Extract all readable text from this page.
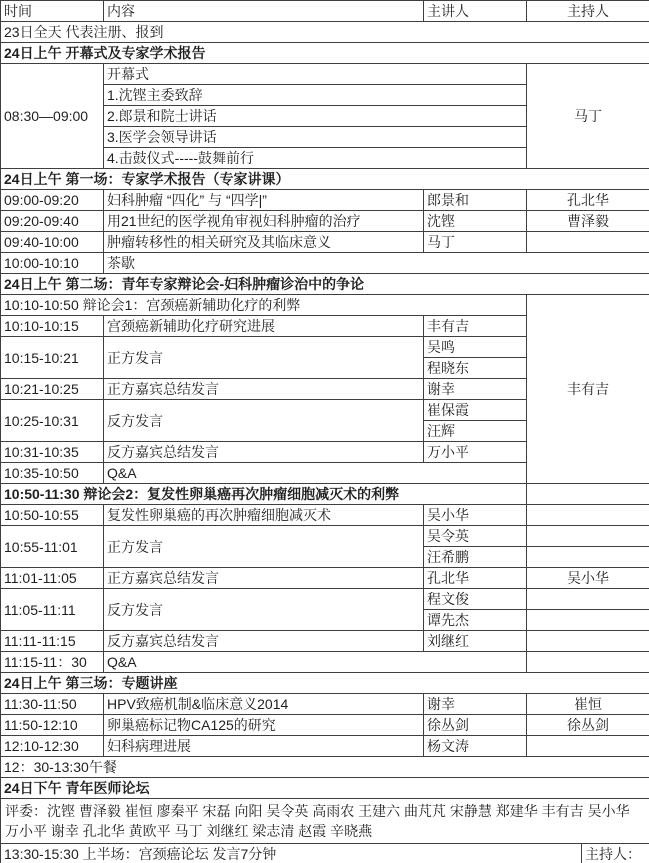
时间	内容	主讲人	主持人	
23日全天 代表注册、报到				
24日上午 开幕式及专家学术报告				
08:30—09:00	开幕式		马丁	
	1.沈铿主委致辞			
	2.郎景和院士讲话			
	3.医学会领导讲话			
	4.击鼓仪式-----鼓舞前行			
24日上午 第一场：专家学术报告（专家讲课）				
09:00-09:20	妇科肿瘤 “四化” 与 “四学|”	郎景和	孔北华	
09:20-09:40	用21世纪的医学视角审视妇科肿瘤的治疗	沈铿	曹泽毅	
09:40-10:00	肿瘤转移性的相关研究及其临床意义	马丁		
10:00-10:10	茶歇			
24日上午 第二场：青年专家辩论会-妇科肿瘤诊治中的争论				
10:10-10:50 辩论会1：宫颈癌新辅助化疗的利弊			丰有吉	
10:10-10:15	宫颈癌新辅助化疗研究进展	丰有吉		
10:15-10:21	正方发言	吴鸣		
		程晓东		
10:21-10:25	正方嘉宾总结发言	谢幸		
10:25-10:31	反方发言	崔保霞		
		汪辉		
10:31-10:35	反方嘉宾总结发言	万小平		
10:35-10:50	Q&A			
10:50-11:30 辩论会2：复发性卵巢癌再次肿瘤细胞减灭术的利弊				
10:50-10:55	复发性卵巢癌的再次肿瘤细胞减灭术	吴小华		
10:55-11:01	正方发言	吴令英		
		汪希鹏		
11:01-11:05	正方嘉宾总结发言	孔北华	吴小华	
11:05-11:11	反方发言	程文俊		
		谭先杰		
11:11-11:15	反方嘉宾总结发言	刘继红		
11:15-11：30	Q&A			
24日上午 第三场：专题讲座				
11:30-11:50	HPV致癌机制&临床意义2014	谢幸	崔恒	
11:50-12:10	卵巢癌标记物CA125的研究	徐丛剑	徐丛剑	
12:10-12:30	妇科病理进展	杨文涛		
12：30-13:30午餐				
24日下午 青年医师论坛				
评委：沈铿 曹泽毅 崔恒 廖秦平 宋磊 向阳 吴令英 高雨农 王建六 曲芃芃 宋静慧 郑建华 丰有吉 吴小华 万小平 谢幸 孔北华 黄欧平 马丁 刘继红 梁志清 赵霞 辛晓燕				
13:30-15:30 上半场：宫颈癌论坛 发言7分钟				主持人：
